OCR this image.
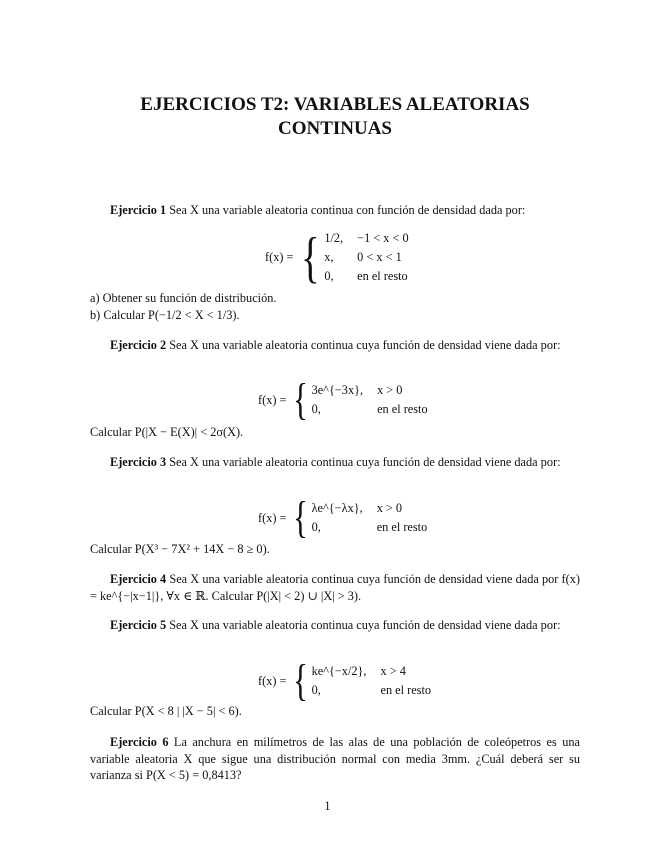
EJERCICIOS T2: VARIABLES ALEATORIAS CONTINUAS

Ejercicio 1 Sea X una variable aleatoria continua con función de densidad dada por:

f(x) = { 1/2,	−1 < x < 0
x,	0 < x < 1
0,	en el resto

a) Obtener su función de distribución.

b) Calcular P(−1/2 < X < 1/3).

Ejercicio 2 Sea X una variable aleatoria continua cuya función de densidad viene dada por:

f(x) = { 3e^{−3x},	x > 0
0,	en el resto

Calcular P(|X − E(X)| < 2σ(X).

Ejercicio 3 Sea X una variable aleatoria continua cuya función de densidad viene dada por:

f(x) = { λe^{−λx},	x > 0
0,	en el resto

Calcular P(X³ − 7X² + 14X − 8 ≥ 0).

Ejercicio 4 Sea X una variable aleatoria continua cuya función de densidad viene dada por f(x) = ke^{−|x−1|}, ∀x ∈ ℝ. Calcular P(|X| < 2) ∪ |X| > 3).

Ejercicio 5 Sea X una variable aleatoria continua cuya función de densidad viene dada por:

f(x) = { ke^{−x/2},	x > 4
0,	en el resto

Calcular P(X < 8 | |X − 5| < 6).

Ejercicio 6 La anchura en milímetros de las alas de una población de coleópetros es una variable aleatoria X que sigue una distribución normal con media 3mm. ¿Cuál deberá ser su varianza si P(X < 5) = 0,8413?

1
